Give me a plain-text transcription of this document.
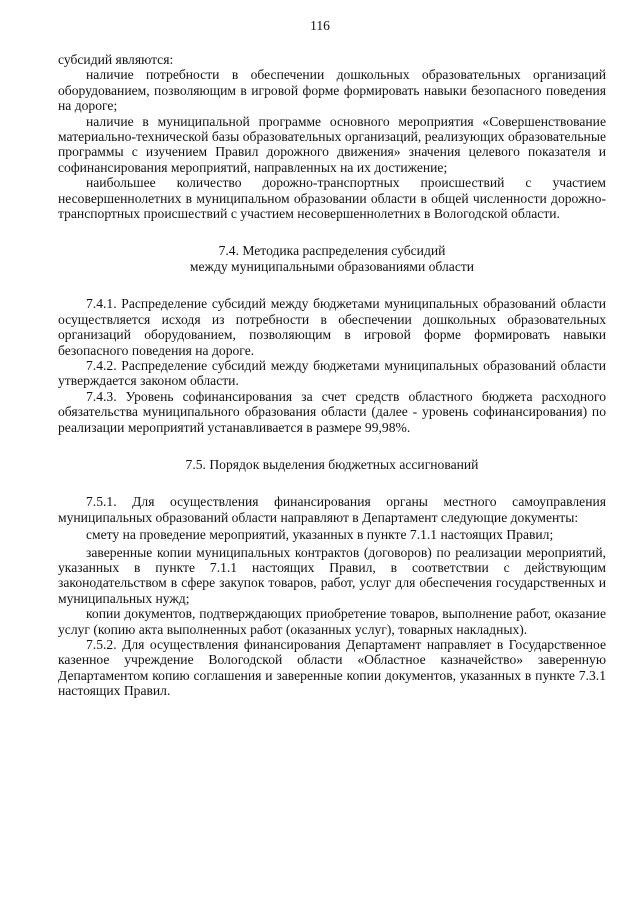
116

субсидий являются:

наличие потребности в обеспечении дошкольных образовательных организаций оборудованием, позволяющим в игровой форме формировать навыки безопасного поведения на дороге;

наличие в муниципальной программе основного мероприятия «Совершенствование материально-технической базы образовательных организаций, реализующих образовательные программы с изучением Правил дорожного движения» значения целевого показателя и софинансирования мероприятий, направленных на их достижение;

наибольшее количество дорожно-транспортных происшествий с участием несовершеннолетних в муниципальном образовании области в общей численности дорожно-транспортных происшествий с участием несовершеннолетних в Вологодской области.

7.4. Методика распределения субсидий

между муниципальными образованиями области

7.4.1. Распределение субсидий между бюджетами муниципальных образований области осуществляется исходя из потребности в обеспечении дошкольных образовательных организаций оборудованием, позволяющим в игровой форме формировать навыки безопасного поведения на дороге.

7.4.2. Распределение субсидий между бюджетами муниципальных образований области утверждается законом области.

7.4.3. Уровень софинансирования за счет средств областного бюджета расходного обязательства муниципального образования области (далее - уровень софинансирования) по реализации мероприятий устанавливается в размере 99,98%.

7.5. Порядок выделения бюджетных ассигнований

7.5.1. Для осуществления финансирования органы местного самоуправления муниципальных образований области направляют в Департамент следующие документы:

смету на проведение мероприятий, указанных в пункте 7.1.1 настоящих Правил;

заверенные копии муниципальных контрактов (договоров) по реализации мероприятий, указанных в пункте 7.1.1 настоящих Правил, в соответствии с действующим законодательством в сфере закупок товаров, работ, услуг для обеспечения государственных и муниципальных нужд;

копии документов, подтверждающих приобретение товаров, выполнение работ, оказание услуг (копию акта выполненных работ (оказанных услуг), товарных накладных).

7.5.2. Для осуществления финансирования Департамент направляет в Государственное казенное учреждение Вологодской области «Областное казначейство» заверенную Департаментом копию соглашения и заверенные копии документов, указанных в пункте 7.3.1 настоящих Правил.
